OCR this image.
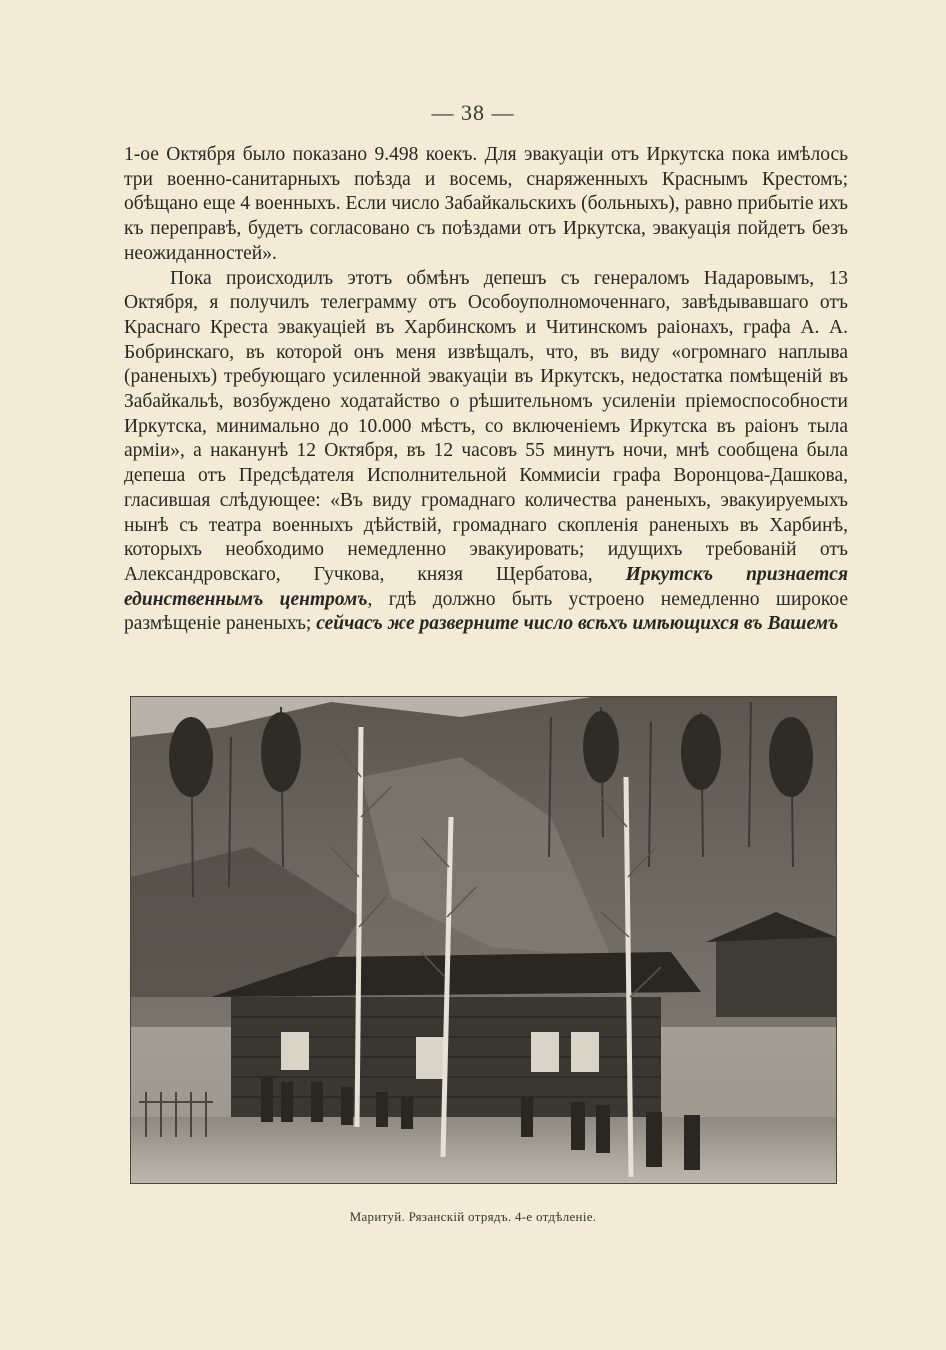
— 38 —

1-ое Октября было показано 9.498 коекъ. Для эвакуаціи отъ Иркутска пока имѣлось три военно-санитарныхъ поѣзда и восемь, снаряженныхъ Краснымъ Крестомъ; обѣщано еще 4 военныхъ. Если число Забайкальскихъ (больныхъ), равно прибытіе ихъ къ переправѣ, будетъ согласовано съ поѣздами отъ Иркутска, эвакуація пойдетъ безъ неожиданностей».

Пока происходилъ этотъ обмѣнъ депешъ съ генераломъ Надаровымъ, 13 Октября, я получилъ телеграмму отъ Особоуполномоченнаго, завѣдывавшаго отъ Краснаго Креста эвакуаціей въ Харбинскомъ и Читинскомъ раіонахъ, графа А. А. Бобринскаго, въ которой онъ меня извѣщалъ, что, въ виду «огромнаго наплыва (раненыхъ) требующаго усиленной эвакуаціи въ Иркутскъ, недостатка помѣщеній въ Забайкальѣ, возбуждено ходатайство о рѣшительномъ усиленіи пріемоспособности Иркутска, минимально до 10.000 мѣстъ, со включеніемъ Иркутска въ раіонъ тыла арміи», а наканунѣ 12 Октября, въ 12 часовъ 55 минутъ ночи, мнѣ сообщена была депеша отъ Предсѣдателя Исполнительной Коммисіи графа Воронцова-Дашкова, гласившая слѣдующее: «Въ виду громаднаго количества раненыхъ, эвакуируемыхъ нынѣ съ театра военныхъ дѣйствій, громаднаго скопленія раненыхъ въ Харбинѣ, которыхъ необходимо немедленно эвакуировать; идущихъ требованій отъ Александровскаго, Гучкова, князя Щербатова, Иркутскъ признается единственнымъ центромъ, гдѣ должно быть устроено немедленно широкое размѣщеніе раненыхъ; сейчасъ же разверните число всѣхъ имѣющихся въ Вашемъ

Маритуй. Рязанскій отрядъ. 4-е отдѣленіе.
